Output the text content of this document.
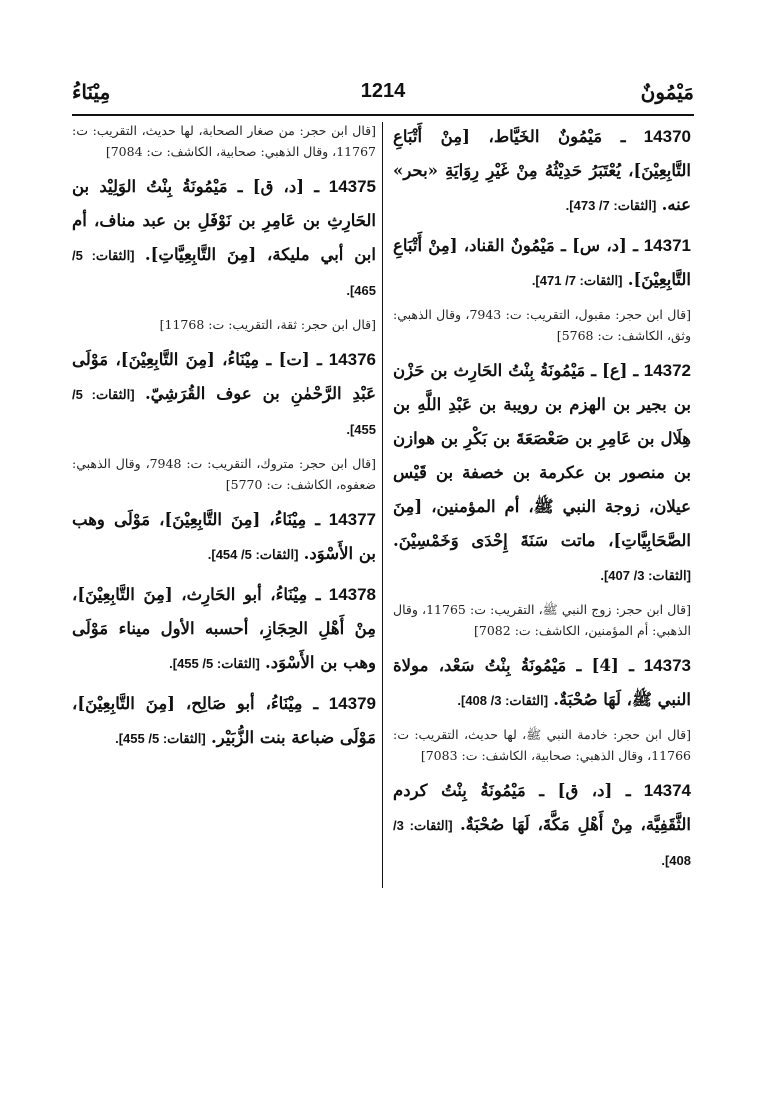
مَيْمُونٌ
1214
مِيْنَاءُ
14370 ـ مَيْمُونٌ الخَيَّاط، [مِنْ أَتْبَاعِ التَّابِعِيْنَ]، يُعْتَبَرُ حَدِيْثُهُ مِنْ غَيْرِ رِوَايَةِ «بحر» عنه. [الثقات: 7/ 473].
14371 ـ [د، س] ـ مَيْمُونٌ القناد، [مِنْ أَتْبَاعِ التَّابِعِيْنَ]. [الثقات: 7/ 471].
[قال ابن حجر: مقبول، التقريب: ت: 7943، وقال الذهبي: وثق، الكاشف: ت: 5768]
14372 ـ [ع] ـ مَيْمُونَةُ بِنْتُ الحَارِث بن حَزْن بن بجير بن الهزم بن رويبة بن عَبْدِ اللَّهِ بن هِلَال بن عَامِرِ بن صَعْصَعَةَ بن بَكْرِ بن هوازن بن منصور بن عكرمة بن خصفة بن قَيْس عيلان، زوجة النبي ﷺ، أم المؤمنين، [مِنَ الصَّحَابِيَّاتِ]، ماتت سَنَةَ إِحْدَى وَخَمْسِيْنَ. [الثقات: 3/ 407].
[قال ابن حجر: زوج النبي ﷺ، التقريب: ت: 11765، وقال الذهبي: أم المؤمنين، الكاشف: ت: 7082]
14373 ـ [4] ـ مَيْمُونَةُ بِنْتُ سَعْد، مولاة النبي ﷺ، لَهَا صُحْبَةٌ. [الثقات: 3/ 408].
[قال ابن حجر: خادمة النبي ﷺ، لها حديث، التقريب: ت: 11766، وقال الذهبي: صحابية، الكاشف: ت: 7083]
14374 ـ [د، ق] ـ مَيْمُونَةُ بِنْتُ كردم الثَّقَفِيَّة، مِنْ أَهْلِ مَكَّةَ، لَهَا صُحْبَةٌ. [الثقات: 3/ 408].
[قال ابن حجر: من صغار الصحابة، لها حديث، التقريب: ت: 11767، وقال الذهبي: صحابية، الكاشف: ت: 7084]
14375 ـ [د، ق] ـ مَيْمُونَةُ بِنْتُ الوَلِيْد بن الحَارِثِ بن عَامِرِ بن نَوْفَلِ بن عبد مناف، أم ابن أبي مليكة، [مِنَ التَّابِعِيَّاتِ]. [الثقات: 5/ 465].
[قال ابن حجر: ثقة، التقريب: ت: 11768]
14376 ـ [ت] ـ مِيْنَاءُ، [مِنَ التَّابِعِيْنَ]، مَوْلَى عَبْدِ الرَّحْمٰنِ بن عوف القُرَشِيّ. [الثقات: 5/ 455].
[قال ابن حجر: متروك، التقريب: ت: 7948، وقال الذهبي: ضعفوه، الكاشف: ت: 5770]
14377 ـ مِيْنَاءُ، [مِنَ التَّابِعِيْنَ]، مَوْلَى وهب بن الأَسْوَد. [الثقات: 5/ 454].
14378 ـ مِيْنَاءُ، أبو الحَارِث، [مِنَ التَّابِعِيْنَ]، مِنْ أَهْلِ الحِجَازِ، أحسبه الأول ميناء مَوْلَى وهب بن الأَسْوَد. [الثقات: 5/ 455].
14379 ـ مِيْنَاءُ، أبو صَالِح، [مِنَ التَّابِعِيْنَ]، مَوْلَى ضباعة بنت الزُّبَيْر. [الثقات: 5/ 455].
